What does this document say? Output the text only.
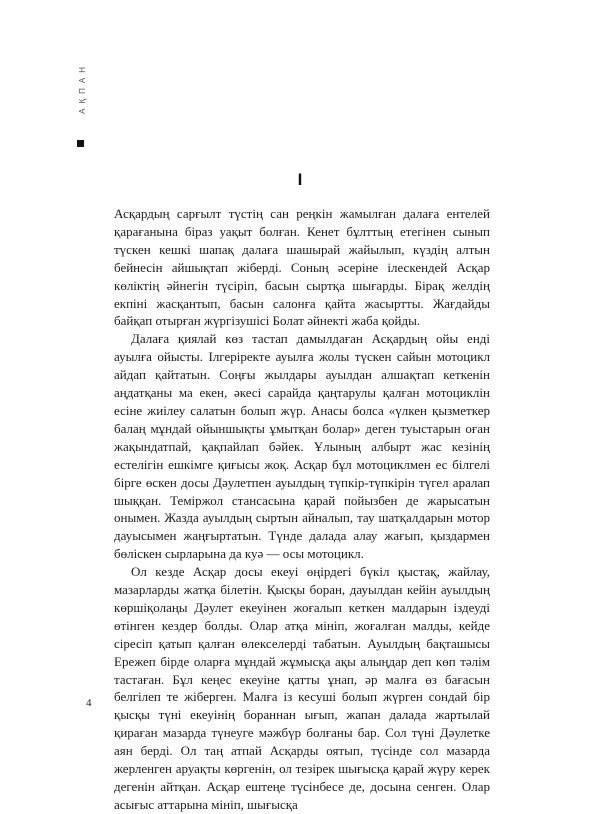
АҚПАН
I

Асқардың сарғылт түстің сан реңкін жамылған далаға ентелей қарағанына біраз уақыт болған. Кенет бұлттың етегінен сынып түскен кешкі шапақ далаға шашырай жайылып, күздің алтын бейнесін айшықтап жіберді. Соның әсеріне ілескендей Асқар көліктің әйнегін түсіріп, басын сыртқа шығарды. Бірақ желдің екпіні жасқантып, басын салонға қайта жасыртты. Жағдайды байқап отырған жүргізушісі Болат әйнекті жаба қойды.

Далаға қиялай көз тастап дамылдаған Асқардың ойы енді ауылға ойысты. Ілгеріректе ауылға жолы түскен сайын мотоцикл айдап қайтатын. Соңғы жылдары ауылдан алшақтап кеткенін аңдатқаны ма екен, әкесі сарайда қаңтарулы қалған мотоциклін есіне жиілеу салатын болып жүр. Анасы болса «үлкен қызметкер балаң мұндай ойыншықты ұмытқан болар» деген туыстарын оған жақындатпай, қақпайлап бәйек. Ұлының албырт жас кезінің естелігін ешкімге қиғысы жоқ. Асқар бұл мотоциклмен ес білгелі бірге өскен досы Дәулетпен ауылдың түпкір-түпкірін түгел аралап шыққан. Теміржол стансасына қарай пойызбен де жарысатын онымен. Жазда ауылдың сыртын айналып, тау шатқалдарын мотор дауысымен жаңғыртатын. Түнде далада алау жағып, қыздармен бөліскен сырларына да куә — осы мотоцикл.

Ол кезде Асқар досы екеуі өңірдегі бүкіл қыстақ, жайлау, мазарларды жатқа білетін. Қысқы боран, дауылдан кейін ауылдың көршіқолаңы Дәулет екеуінен жоғалып кеткен малдарын іздеуді өтінген кездер болды. Олар атқа мініп, жоғалған малды, кейде сіресіп қатып қалған өлекселерді табатын. Ауылдың бақташысы Ережеп бірде оларға мұндай жұмысқа ақы алыңдар деп көп тәлім тастаған. Бұл кеңес екеуіне қатты ұнап, әр малға өз бағасын белгілеп те жіберген. Малға із кесуші болып жүрген сондай бір қысқы түні екеуінің бораннан ығып, жапан далада жартылай қираған мазарда түнеуге мәжбүр болғаны бар. Сол түні Дәулетке аян берді. Ол таң атпай Асқарды оятып, түсінде сол мазарда жерленген аруақты көргенін, ол тезірек шығысқа қарай жүру керек дегенін айтқан. Асқар ештеңе түсінбесе де, досына сенген. Олар асығыс аттарына мініп, шығысқа

4
